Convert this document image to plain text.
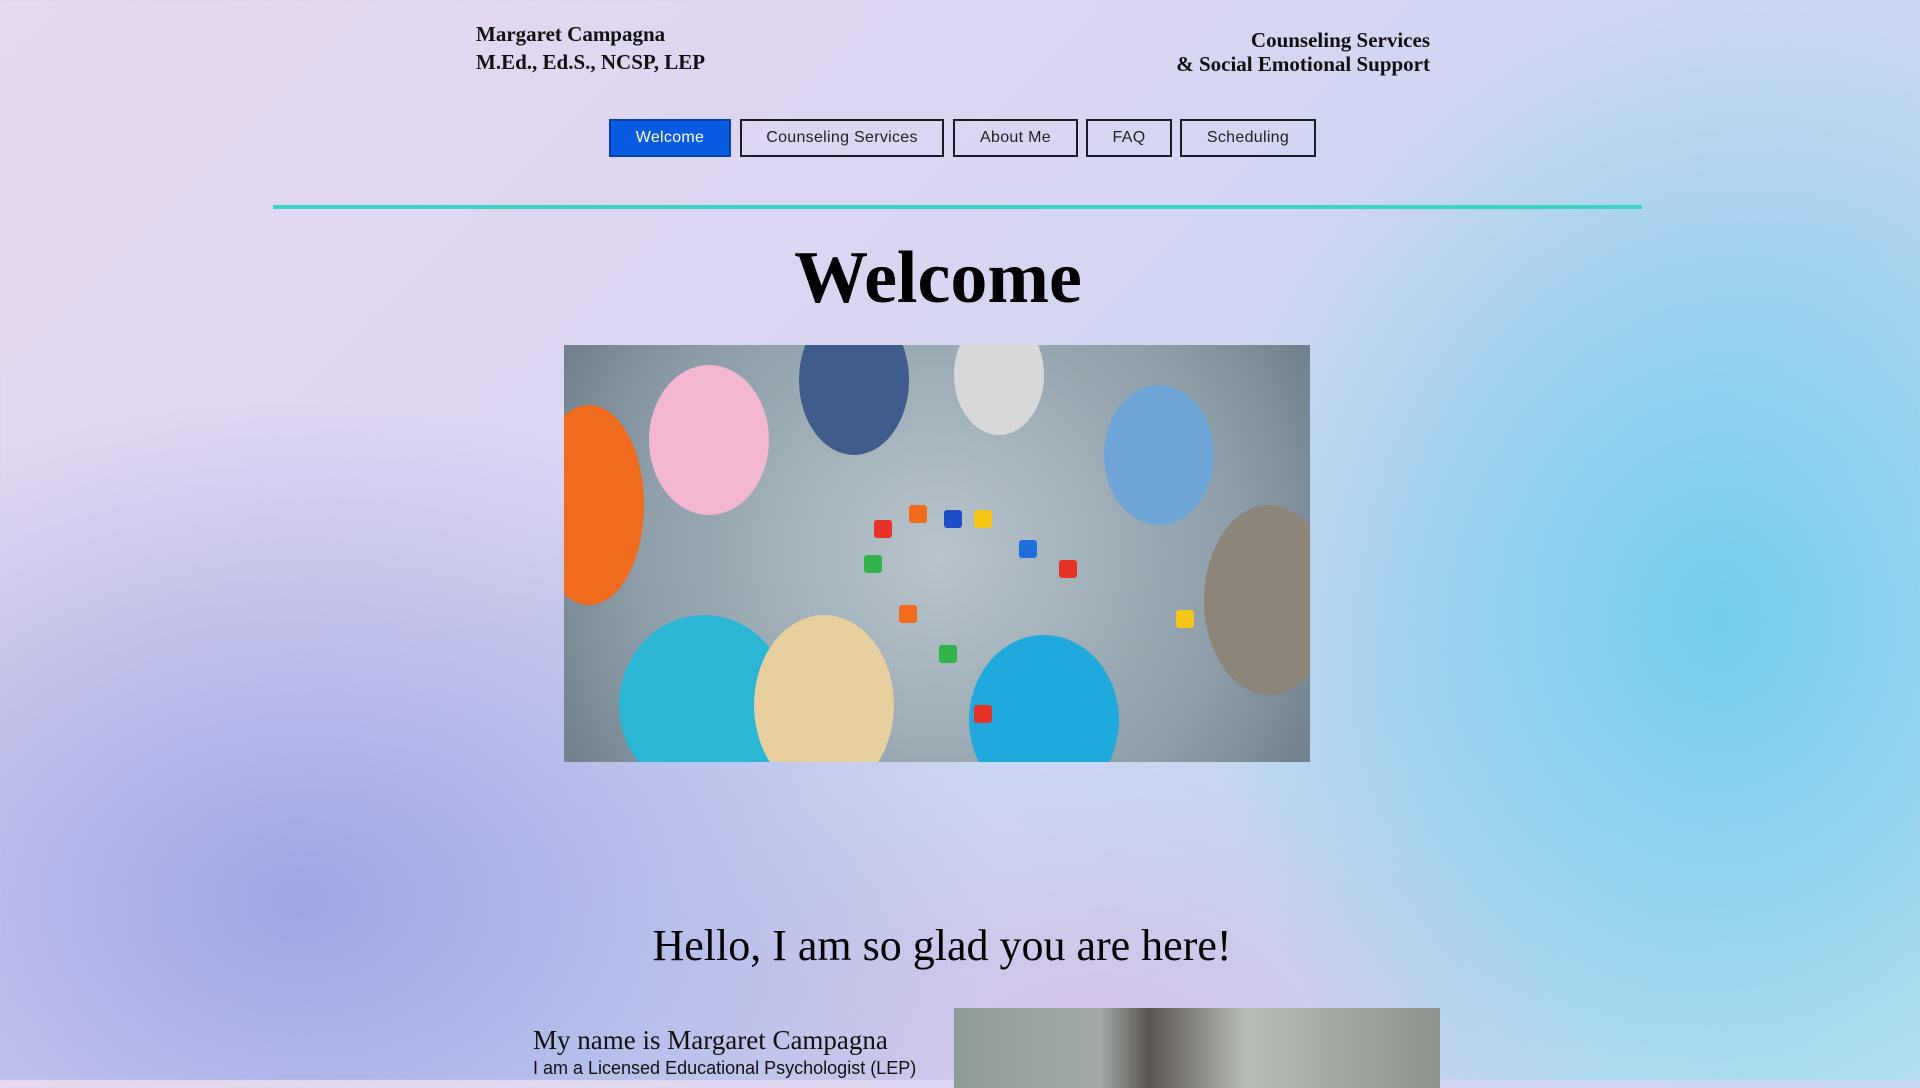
Margaret Campagna
M.Ed., Ed.S., NCSP, LEP
Counseling Services
& Social Emotional Support
Welcome	Counseling Services	About Me	FAQ	Scheduling
Welcome
Hello, I am so glad you are here!
My name is Margaret Campagna
I am a Licensed Educational Psychologist (LEP)
